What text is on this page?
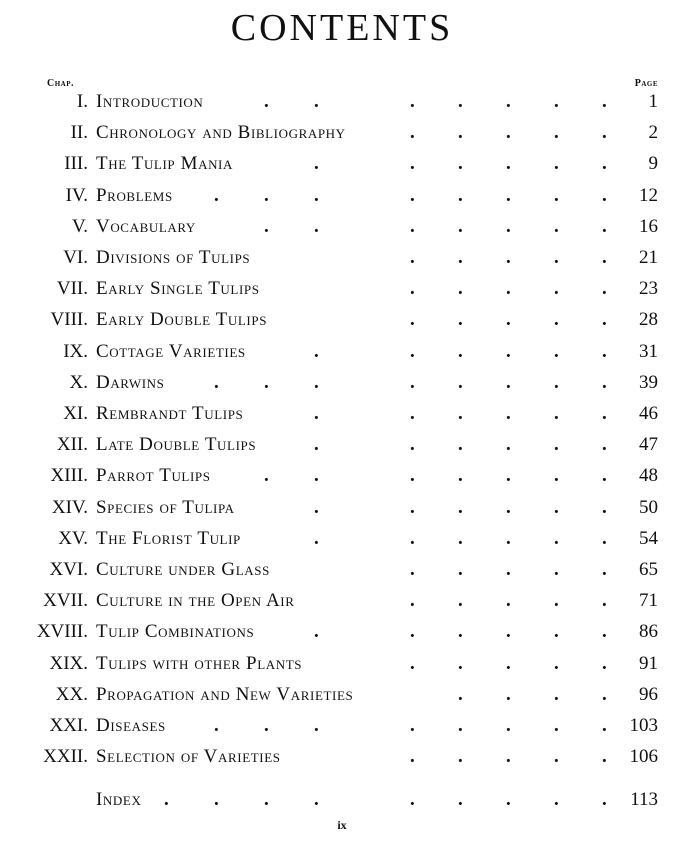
CONTENTS
Chap.	Page
I. Introduction	. .	. . . . . 1
II. Chronology and Bibliography	. . . . . 2
III. The Tulip Mania	.	. . . . . 9
IV. Problems . . .	. . . . . 12
V. Vocabulary	. .	. . . . . 16
VI. Divisions of Tulips	. . . . . 21
VII. Early Single Tulips	. . . . . 23
VIII. Early Double Tulips	. . . . . 28
IX. Cottage Varieties	.	. . . . . 31
X. Darwins	. . .	. . . . . 39
XI. Rembrandt Tulips	.	. . . . . 46
XII. Late Double Tulips	.	. . . . . 47
XIII. Parrot Tulips	. .	. . . . . 48
XIV. Species of Tulipa	.	. . . . . 50
XV. The Florist Tulip	.	. . . . . 54
XVI. Culture under Glass	. . . . . 65
XVII. Culture in the Open Air	. . . . . 71
XVIII. Tulip Combinations	.	. . . . . 86
XIX. Tulips with other Plants	. . . . . 91
XX. Propagation and New Varieties	. . . . 96
XXI. Diseases	. . .	. . . . . 103
XXII. Selection of Varieties	. . . . . 106
Index . . . .	. . . . . 113
ix
